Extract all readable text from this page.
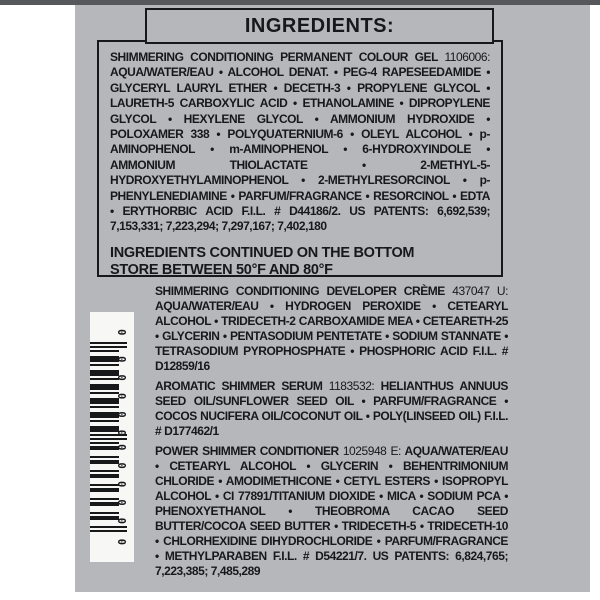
INGREDIENTS:

SHIMMERING CONDITIONING PERMANENT COLOUR GEL 1106006: AQUA/WATER/EAU • ALCOHOL DENAT. • PEG-4 RAPESEEDAMIDE • GLYCERYL LAURYL ETHER • DECETH-3 • PROPYLENE GLYCOL • LAURETH-5 CARBOXYLIC ACID • ETHANOLAMINE • DIPROPYLENE GLYCOL • HEXYLENE GLYCOL • AMMONIUM HYDROXIDE • POLOXAMER 338 • POLYQUATERNIUM-6 • OLEYL ALCOHOL • p-AMINOPHENOL • m-AMINOPHENOL • 6-HYDROXYINDOLE • AMMONIUM THIOLACTATE • 2-METHYL-5-HYDROXYETHYLAMINOPHENOL • 2-METHYLRESORCINOL • p-PHENYLENEDIAMINE • PARFUM/FRAGRANCE • RESORCINOL • EDTA • ERYTHORBIC ACID F.I.L. # D44186/2. US PATENTS: 6,692,539; 7,153,331; 7,223,294; 7,297,167; 7,402,180

INGREDIENTS CONTINUED ON THE BOTTOM

STORE BETWEEN 50°F AND 80°F

0
0
0
0
0
0
0
0
0
0
0
0

SHIMMERING CONDITIONING DEVELOPER CRÈME 437047 U: AQUA/WATER/EAU • HYDROGEN PEROXIDE • CETEARYL ALCOHOL • TRIDECETH-2 CARBOXAMIDE MEA • CETEARETH-25 • GLYCERIN • PENTASODIUM PENTETATE • SODIUM STANNATE • TETRASODIUM PYROPHOSPHATE • PHOSPHORIC ACID F.I.L. # D12859/16

AROMATIC SHIMMER SERUM 1183532: HELIANTHUS ANNUUS SEED OIL/SUNFLOWER SEED OIL • PARFUM/FRAGRANCE • COCOS NUCIFERA OIL/COCONUT OIL • POLY(LINSEED OIL) F.I.L. # D177462/1

POWER SHIMMER CONDITIONER 1025948 E: AQUA/WATER/EAU • CETEARYL ALCOHOL • GLYCERIN • BEHENTRIMONIUM CHLORIDE • AMODIMETHICONE • CETYL ESTERS • ISOPROPYL ALCOHOL • CI 77891/TITANIUM DIOXIDE • MICA • SODIUM PCA • PHENOXYETHANOL • THEOBROMA CACAO SEED BUTTER/COCOA SEED BUTTER • TRIDECETH-5 • TRIDECETH-10 • CHLORHEXIDINE DIHYDROCHLORIDE • PARFUM/FRAGRANCE • METHYLPARABEN F.I.L. # D54221/7. US PATENTS: 6,824,765; 7,223,385; 7,485,289
